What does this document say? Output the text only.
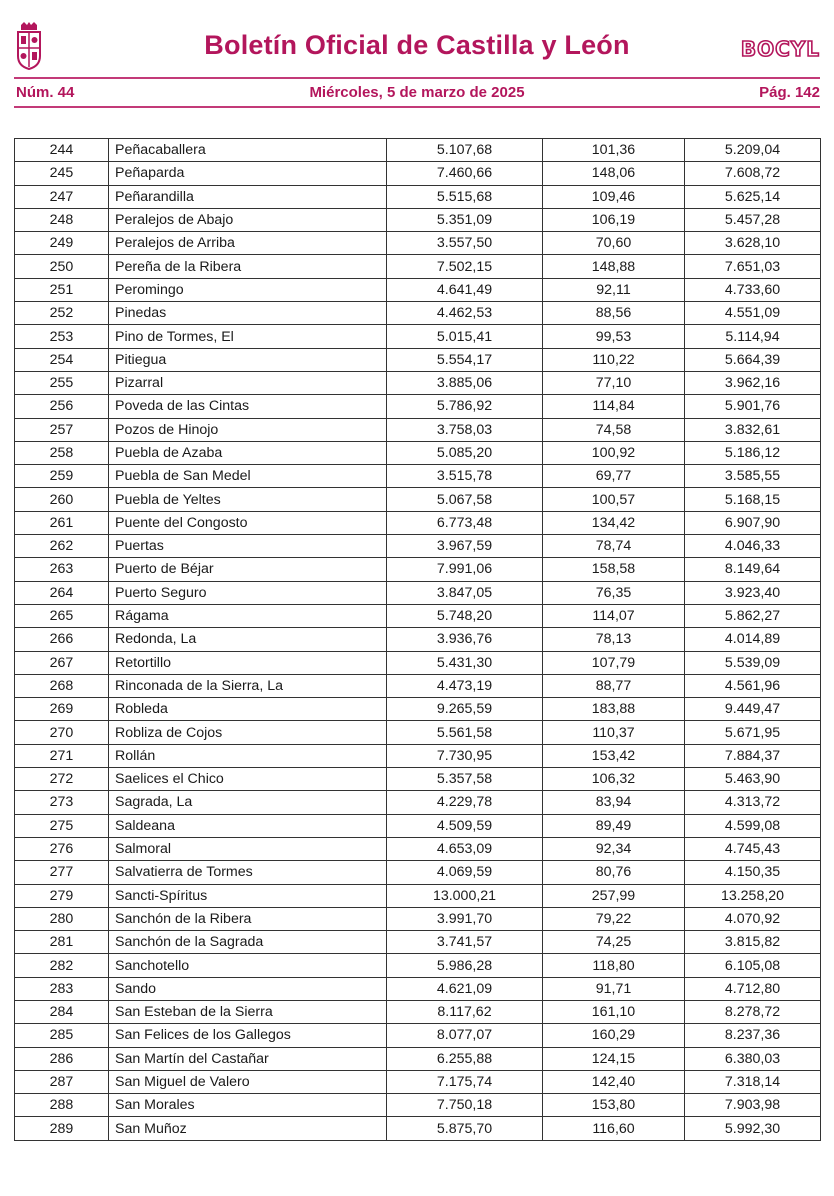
Boletín Oficial de Castilla y León	BOCYL
Núm. 44	Miércoles, 5 de marzo de 2025	Pág. 142
244	Peñacaballera	5.107,68	101,36	5.209,04
245	Peñaparda	7.460,66	148,06	7.608,72
247	Peñarandilla	5.515,68	109,46	5.625,14
248	Peralejos de Abajo	5.351,09	106,19	5.457,28
249	Peralejos de Arriba	3.557,50	70,60	3.628,10
250	Pereña de la Ribera	7.502,15	148,88	7.651,03
251	Peromingo	4.641,49	92,11	4.733,60
252	Pinedas	4.462,53	88,56	4.551,09
253	Pino de Tormes, El	5.015,41	99,53	5.114,94
254	Pitiegua	5.554,17	110,22	5.664,39
255	Pizarral	3.885,06	77,10	3.962,16
256	Poveda de las Cintas	5.786,92	114,84	5.901,76
257	Pozos de Hinojo	3.758,03	74,58	3.832,61
258	Puebla de Azaba	5.085,20	100,92	5.186,12
259	Puebla de San Medel	3.515,78	69,77	3.585,55
260	Puebla de Yeltes	5.067,58	100,57	5.168,15
261	Puente del Congosto	6.773,48	134,42	6.907,90
262	Puertas	3.967,59	78,74	4.046,33
263	Puerto de Béjar	7.991,06	158,58	8.149,64
264	Puerto Seguro	3.847,05	76,35	3.923,40
265	Rágama	5.748,20	114,07	5.862,27
266	Redonda, La	3.936,76	78,13	4.014,89
267	Retortillo	5.431,30	107,79	5.539,09
268	Rinconada de la Sierra, La	4.473,19	88,77	4.561,96
269	Robleda	9.265,59	183,88	9.449,47
270	Robliza de Cojos	5.561,58	110,37	5.671,95
271	Rollán	7.730,95	153,42	7.884,37
272	Saelices el Chico	5.357,58	106,32	5.463,90
273	Sagrada, La	4.229,78	83,94	4.313,72
275	Saldeana	4.509,59	89,49	4.599,08
276	Salmoral	4.653,09	92,34	4.745,43
277	Salvatierra de Tormes	4.069,59	80,76	4.150,35
279	Sancti-Spíritus	13.000,21	257,99	13.258,20
280	Sanchón de la Ribera	3.991,70	79,22	4.070,92
281	Sanchón de la Sagrada	3.741,57	74,25	3.815,82
282	Sanchotello	5.986,28	118,80	6.105,08
283	Sando	4.621,09	91,71	4.712,80
284	San Esteban de la Sierra	8.117,62	161,10	8.278,72
285	San Felices de los Gallegos	8.077,07	160,29	8.237,36
286	San Martín del Castañar	6.255,88	124,15	6.380,03
287	San Miguel de Valero	7.175,74	142,40	7.318,14
288	San Morales	7.750,18	153,80	7.903,98
289	San Muñoz	5.875,70	116,60	5.992,30
